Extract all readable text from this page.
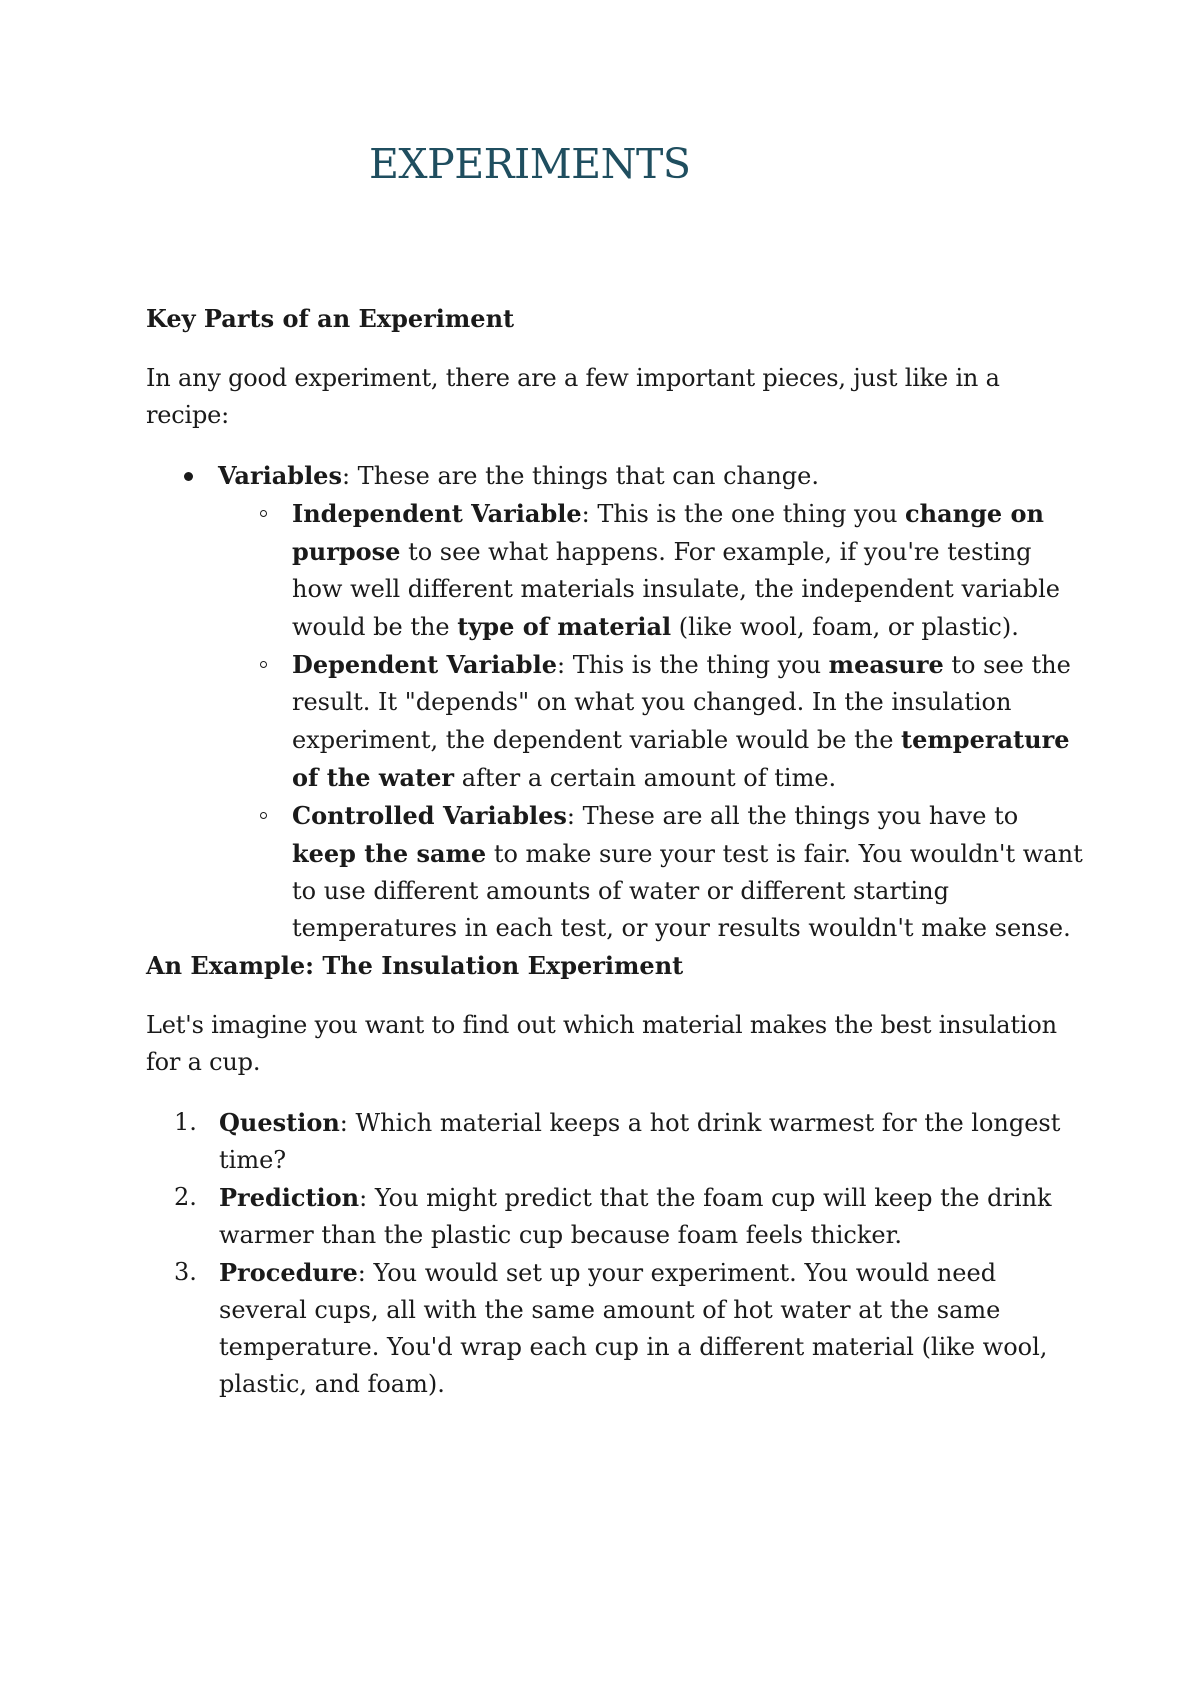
EXPERIMENTS
Key Parts of an Experiment

In any good experiment, there are a few important pieces, just like in a recipe:

Variables: These are the things that can change.
Independent Variable: This is the one thing you change on purpose to see what happens. For example, if you're testing how well different materials insulate, the independent variable would be the type of material (like wool, foam, or plastic).
Dependent Variable: This is the thing you measure to see the result. It "depends" on what you changed. In the insulation experiment, the dependent variable would be the temperature of the water after a certain amount of time.
Controlled Variables: These are all the things you have to keep the same to make sure your test is fair. You wouldn't want to use different amounts of water or different starting temperatures in each test, or your results wouldn't make sense.
An Example: The Insulation Experiment

Let's imagine you want to find out which material makes the best insulation for a cup.

1. Question: Which material keeps a hot drink warmest for the longest time?
2. Prediction: You might predict that the foam cup will keep the drink warmer than the plastic cup because foam feels thicker.
3. Procedure: You would set up your experiment. You would need several cups, all with the same amount of hot water at the same temperature. You'd wrap each cup in a different material (like wool, plastic, and foam).
